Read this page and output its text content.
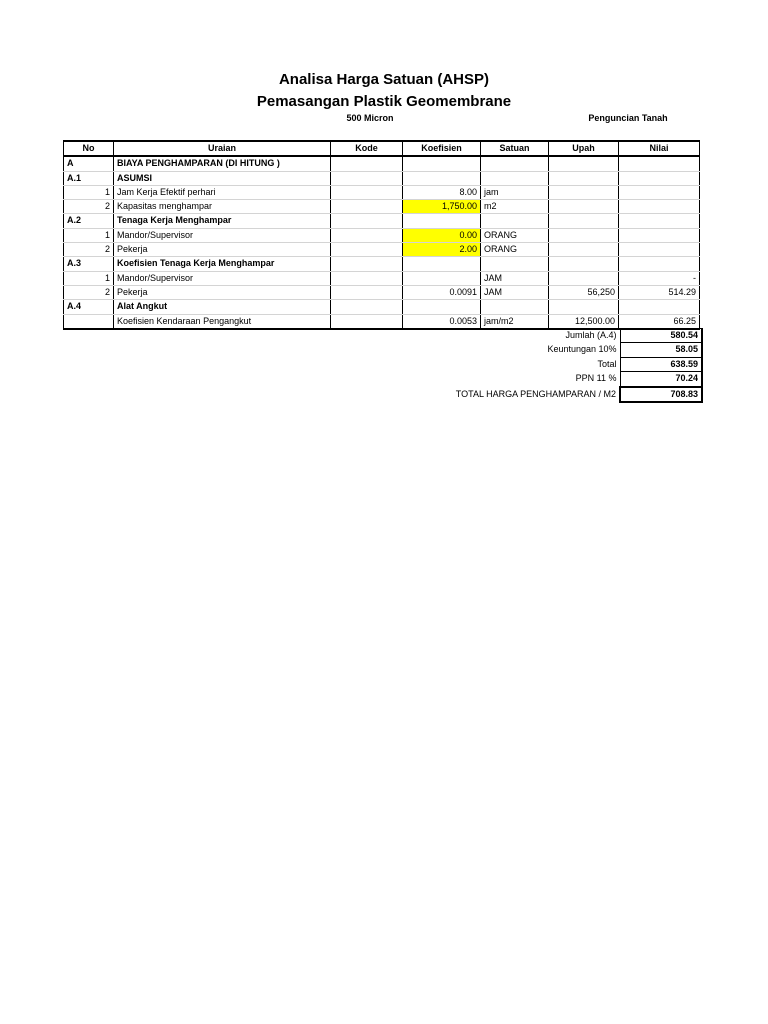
Analisa Harga Satuan (AHSP)
Pemasangan Plastik Geomembrane
500 Micron	Penguncian Tanah
No	Uraian	Kode	Koefisien	Satuan	Upah	Nilai
A	BIAYA PENGHAMPARAN (DI HITUNG )					
A.1	ASUMSI					
1	Jam Kerja Efektif perhari		8.00	jam		
2	Kapasitas menghampar		1,750.00	m2		
A.2	Tenaga Kerja Menghampar					
1	Mandor/Supervisor		0.00	ORANG		
2	Pekerja		2.00	ORANG		
A.3	Koefisien Tenaga Kerja Menghampar					
1	Mandor/Supervisor			JAM		-
2	Pekerja		0.0091	JAM	56,250	514.29
A.4	Alat Angkut					
	Koefisien Kendaraan Pengangkut		0.0053	jam/m2	12,500.00	66.25
Jumlah (A.4)	580.54
Keuntungan 10%	58.05
Total	638.59
PPN 11 %	70.24
TOTAL HARGA PENGHAMPARAN / M2	708.83
